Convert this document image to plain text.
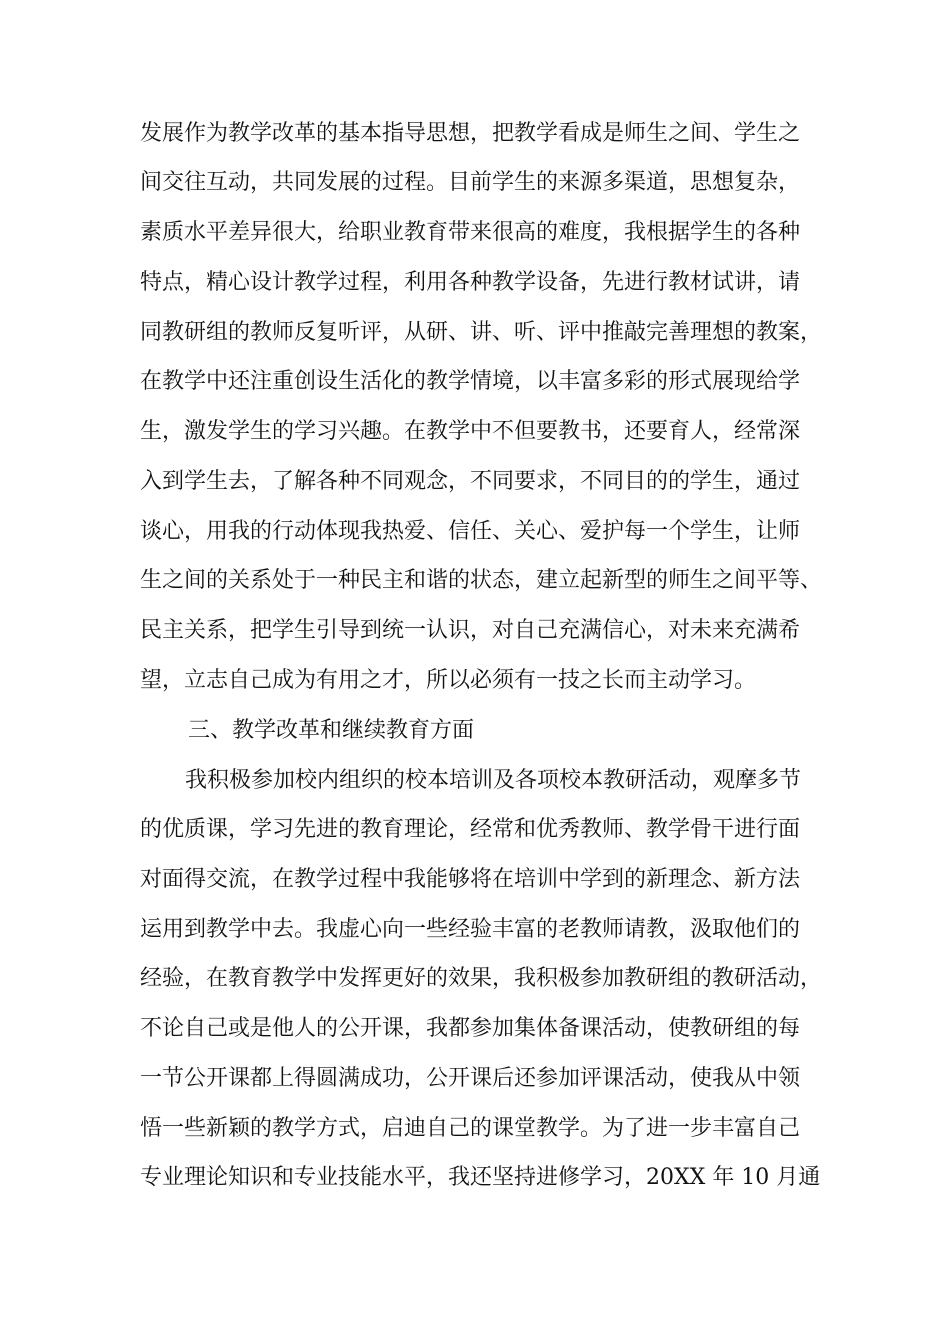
发展作为教学改革的基本指导思想，把教学看成是师生之间、学生之
间交往互动，共同发展的过程。目前学生的来源多渠道，思想复杂，
素质水平差异很大，给职业教育带来很高的难度，我根据学生的各种
特点，精心设计教学过程，利用各种教学设备，先进行教材试讲，请
同教研组的教师反复听评，从研、讲、听、评中推敲完善理想的教案，
在教学中还注重创设生活化的教学情境，以丰富多彩的形式展现给学
生，激发学生的学习兴趣。在教学中不但要教书，还要育人，经常深
入到学生去，了解各种不同观念，不同要求，不同目的的学生，通过
谈心，用我的行动体现我热爱、信任、关心、爱护每一个学生，让师
生之间的关系处于一种民主和谐的状态，建立起新型的师生之间平等、
民主关系，把学生引导到统一认识，对自己充满信心，对未来充满希
望，立志自己成为有用之才，所以必须有一技之长而主动学习。
三、教学改革和继续教育方面
我积极参加校内组织的校本培训及各项校本教研活动，观摩多节
的优质课，学习先进的教育理论，经常和优秀教师、教学骨干进行面
对面得交流，在教学过程中我能够将在培训中学到的新理念、新方法
运用到教学中去。我虚心向一些经验丰富的老教师请教，汲取他们的
经验，在教育教学中发挥更好的效果，我积极参加教研组的教研活动，
不论自己或是他人的公开课，我都参加集体备课活动，使教研组的每
一节公开课都上得圆满成功，公开课后还参加评课活动，使我从中领
悟一些新颖的教学方式，启迪自己的课堂教学。为了进一步丰富自己
专业理论知识和专业技能水平，我还坚持进修学习，20XX 年 10 月通
